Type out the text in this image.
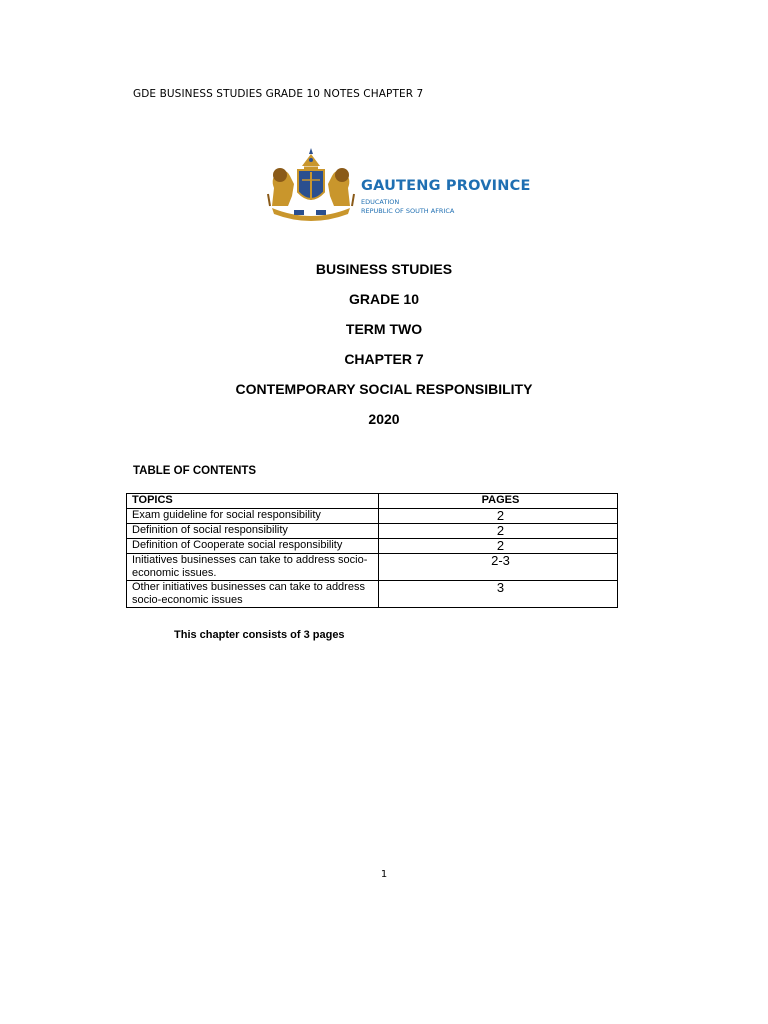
GDE BUSINESS STUDIES GRADE 10 NOTES CHAPTER 7
GAUTENG PROVINCE
EDUCATION
REPUBLIC OF SOUTH AFRICA
BUSINESS STUDIES
GRADE 10
TERM TWO
CHAPTER 7
CONTEMPORARY SOCIAL RESPONSIBILITY
2020
TABLE OF CONTENTS
TOPICS	PAGES
Exam guideline for social responsibility	2
Definition of social responsibility	2
Definition of Cooperate social responsibility	2
Initiatives businesses can take to address socio-economic issues.	2-3
Other initiatives businesses can take to address socio-economic issues	3
This chapter consists of 3 pages
1
